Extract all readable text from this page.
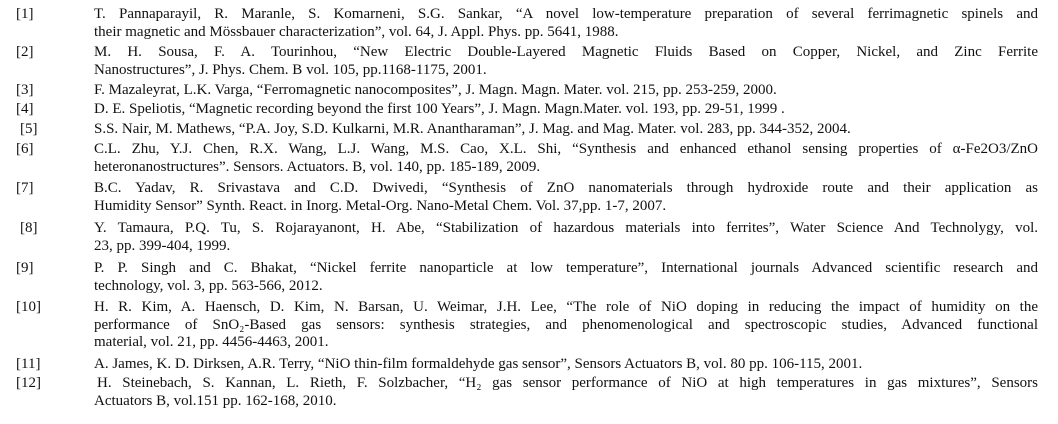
[1]	T. Pannaparayil, R. Maranle, S. Komarneni, S.G. Sankar, “A novel low-temperature preparation of several ferrimagnetic spinels and
their magnetic and Mössbauer characterization”, vol. 64, J. Appl. Phys. pp. 5641, 1988.
[2]	M. H. Sousa, F. A. Tourinhou, “New Electric Double-Layered Magnetic Fluids Based on Copper, Nickel, and Zinc Ferrite
Nanostructures”, J. Phys. Chem. B vol. 105, pp.1168-1175, 2001.
[3]	F. Mazaleyrat, L.K. Varga, “Ferromagnetic nanocomposites”, J. Magn. Magn. Mater. vol. 215, pp. 253-259, 2000.
[4]	D. E. Speliotis, “Magnetic recording beyond the first 100 Years”, J. Magn. Magn.Mater. vol. 193, pp. 29-51, 1999 .
[5]	S.S. Nair, M. Mathews, “P.A. Joy, S.D. Kulkarni, M.R. Anantharaman”, J. Mag. and Mag. Mater. vol. 283, pp. 344-352, 2004.
[6]	C.L. Zhu, Y.J. Chen, R.X. Wang, L.J. Wang, M.S. Cao, X.L. Shi, “Synthesis and enhanced ethanol sensing properties of α-Fe2O3/ZnO
heteronanostructures”. Sensors. Actuators. B, vol. 140, pp. 185-189, 2009.
[7]	B.C. Yadav, R. Srivastava and C.D. Dwivedi, “Synthesis of ZnO nanomaterials through hydroxide route and their application as
Humidity Sensor” Synth. React. in Inorg. Metal-Org. Nano-Metal Chem. Vol. 37,pp. 1-7, 2007.
[8]	Y. Tamaura, P.Q. Tu, S. Rojarayanont, H. Abe, “Stabilization of hazardous materials into ferrites”, Water Science And Technolygy, vol.
23, pp. 399-404, 1999.
[9]	P. P. Singh and C. Bhakat, “Nickel ferrite nanoparticle at low temperature”, International journals Advanced scientific research and
technology, vol. 3, pp. 563-566, 2012.
[10]	H. R. Kim, A. Haensch, D. Kim, N. Barsan, U. Weimar, J.H. Lee, “The role of NiO doping in reducing the impact of humidity on the
performance of SnO₂-Based gas sensors: synthesis strategies, and phenomenological and spectroscopic studies, Advanced functional
material, vol. 21, pp. 4456-4463, 2001.
[11]	A. James, K. D. Dirksen, A.R. Terry, “NiO thin-film formaldehyde gas sensor”, Sensors Actuators B, vol. 80 pp. 106-115, 2001.
[12]	H. Steinebach, S. Kannan, L. Rieth, F. Solzbacher, “H₂ gas sensor performance of NiO at high temperatures in gas mixtures”, Sensors
Actuators B, vol.151 pp. 162-168, 2010.
